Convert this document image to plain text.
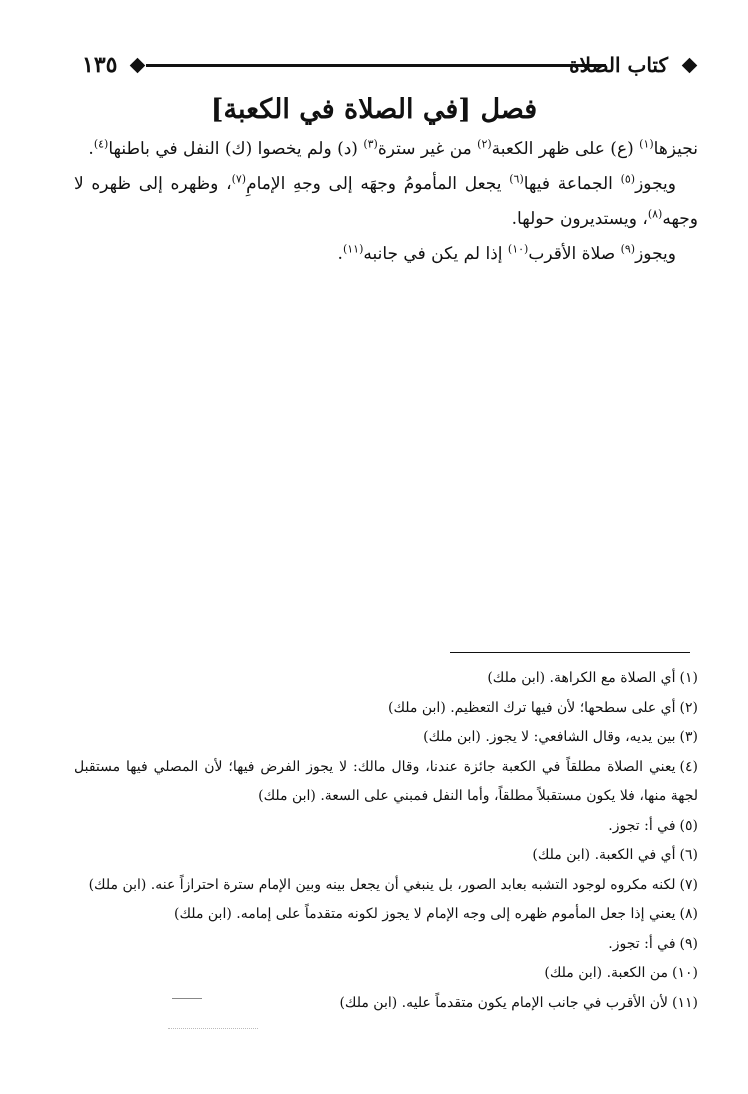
١٣٥	كتاب الصلاة
فصل [في الصلاة في الكعبة]

نجيزها$^{(١)}$ (ع) على ظهر الكعبة$^{(٢)}$ من غير سترة$^{(٣)}$ (د) ولم يخصوا (ك) النفل في باطنها$^{(٤)}$.

ويجوز$^{(٥)}$ الجماعة فيها$^{(٦)}$ يجعل المأمومُ وجهَه إلى وجهِ الإمامِ$^{(٧)}$، وظهره إلى ظهره لا وجهه$^{(٨)}$، ويستديرون حولها.

ويجوز$^{(٩)}$ صلاة الأقرب$^{(١٠)}$ إذا لم يكن في جانبه$^{(١١)}$.

(١)أي الصلاة مع الكراهة. (ابن ملك)

(٢)أي على سطحها؛ لأن فيها ترك التعظيم. (ابن ملك)

(٣)بين يديه، وقال الشافعي: لا يجوز. (ابن ملك)

(٤)يعني الصلاة مطلقاً في الكعبة جائزة عندنا، وقال مالك: لا يجوز الفرض فيها؛ لأن المصلي فيها مستقبل لجهة منها، فلا يكون مستقبلاً مطلقاً، وأما النفل فمبني على السعة. (ابن ملك)

(٥)في أ: تجوز.

(٦)أي في الكعبة. (ابن ملك)

(٧)لكنه مكروه لوجود التشبه بعابد الصور، بل ينبغي أن يجعل بينه وبين الإمام سترة احترازاً عنه. (ابن ملك)

(٨)يعني إذا جعل المأموم ظهره إلى وجه الإمام لا يجوز لكونه متقدماً على إمامه. (ابن ملك)

(٩)في أ: تجوز.

(١٠)من الكعبة. (ابن ملك)

(١١)لأن الأقرب في جانب الإمام يكون متقدماً عليه. (ابن ملك)
